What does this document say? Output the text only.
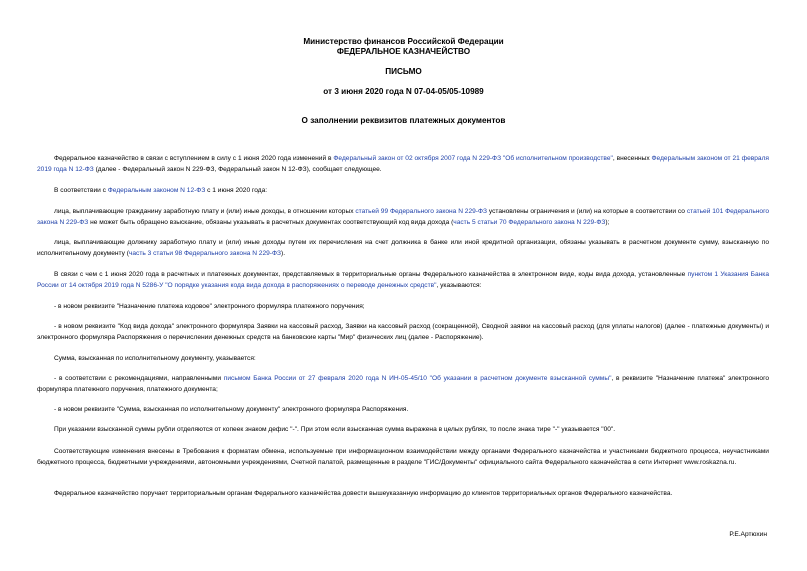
Министерство финансов Российской Федерации
ФЕДЕРАЛЬНОЕ КАЗНАЧЕЙСТВО
ПИСЬМО
от 3 июня 2020 года N 07-04-05/05-10989
О заполнении реквизитов платежных документов

Федеральное казначейство в связи с вступлением в силу с 1 июня 2020 года изменений в Федеральный закон от 02 октября 2007 года N 229-ФЗ "Об исполнительном производстве", внесенных Федеральным законом от 21 февраля 2019 года N 12-ФЗ (далее - Федеральный закон N 229-ФЗ, Федеральный закон N 12-ФЗ), сообщает следующее.

В соответствии с Федеральным законом N 12-ФЗ с 1 июня 2020 года:

лица, выплачивающие гражданину заработную плату и (или) иные доходы, в отношении которых статьей 99 Федерального закона N 229-ФЗ установлены ограничения и (или) на которые в соответствии со статьей 101 Федерального закона N 229-ФЗ не может быть обращено взыскание, обязаны указывать в расчетных документах соответствующий код вида дохода (часть 5 статьи 70 Федерального закона N 229-ФЗ);

лица, выплачивающие должнику заработную плату и (или) иные доходы путем их перечисления на счет должника в банке или иной кредитной организации, обязаны указывать в расчетном документе сумму, взысканную по исполнительному документу (часть 3 статьи 98 Федерального закона N 229-ФЗ).

В связи с чем с 1 июня 2020 года в расчетных и платежных документах, представляемых в территориальные органы Федерального казначейства в электронном виде, коды вида дохода, установленные пунктом 1 Указания Банка России от 14 октября 2019 года N 5286-У "О порядке указания кода вида дохода в распоряжениях о переводе денежных средств", указываются:

- в новом реквизите "Назначение платежа кодовое" электронного формуляра платежного поручения;

- в новом реквизите "Код вида дохода" электронного формуляра Заявки на кассовый расход, Заявки на кассовый расход (сокращенной), Сводной заявки на кассовый расход (для уплаты налогов) (далее - платежные документы) и электронного формуляра Распоряжения о перечислении денежных средств на банковские карты "Мир" физических лиц (далее - Распоряжение).

Сумма, взысканная по исполнительному документу, указывается:

- в соответствии с рекомендациями, направленными письмом Банка России от 27 февраля 2020 года N ИН-05-45/10 "Об указании в расчетном документе взысканной суммы", в реквизите "Назначение платежа" электронного формуляра платежного поручения, платежного документа;

- в новом реквизите "Сумма, взысканная по исполнительному документу" электронного формуляра Распоряжения.

При указании взысканной суммы рубли отделяются от копеек знаком дефис "-". При этом если взысканная сумма выражена в целых рублях, то после знака тире "-" указывается "00".

Соответствующие изменения внесены в Требования к форматам обмена, используемые при информационном взаимодействии между органами Федерального казначейства и участниками бюджетного процесса, неучастниками бюджетного процесса, бюджетными учреждениями, автономными учреждениями, Счетной палатой, размещенные в разделе "ГИС/Документы" официального сайта Федерального казначейства в сети Интернет www.roskazna.ru.

Федеральное казначейство поручает территориальным органам Федерального казначейства довести вышеуказанную информацию до клиентов территориальных органов Федерального казначейства.

Р.Е.Артюхин
